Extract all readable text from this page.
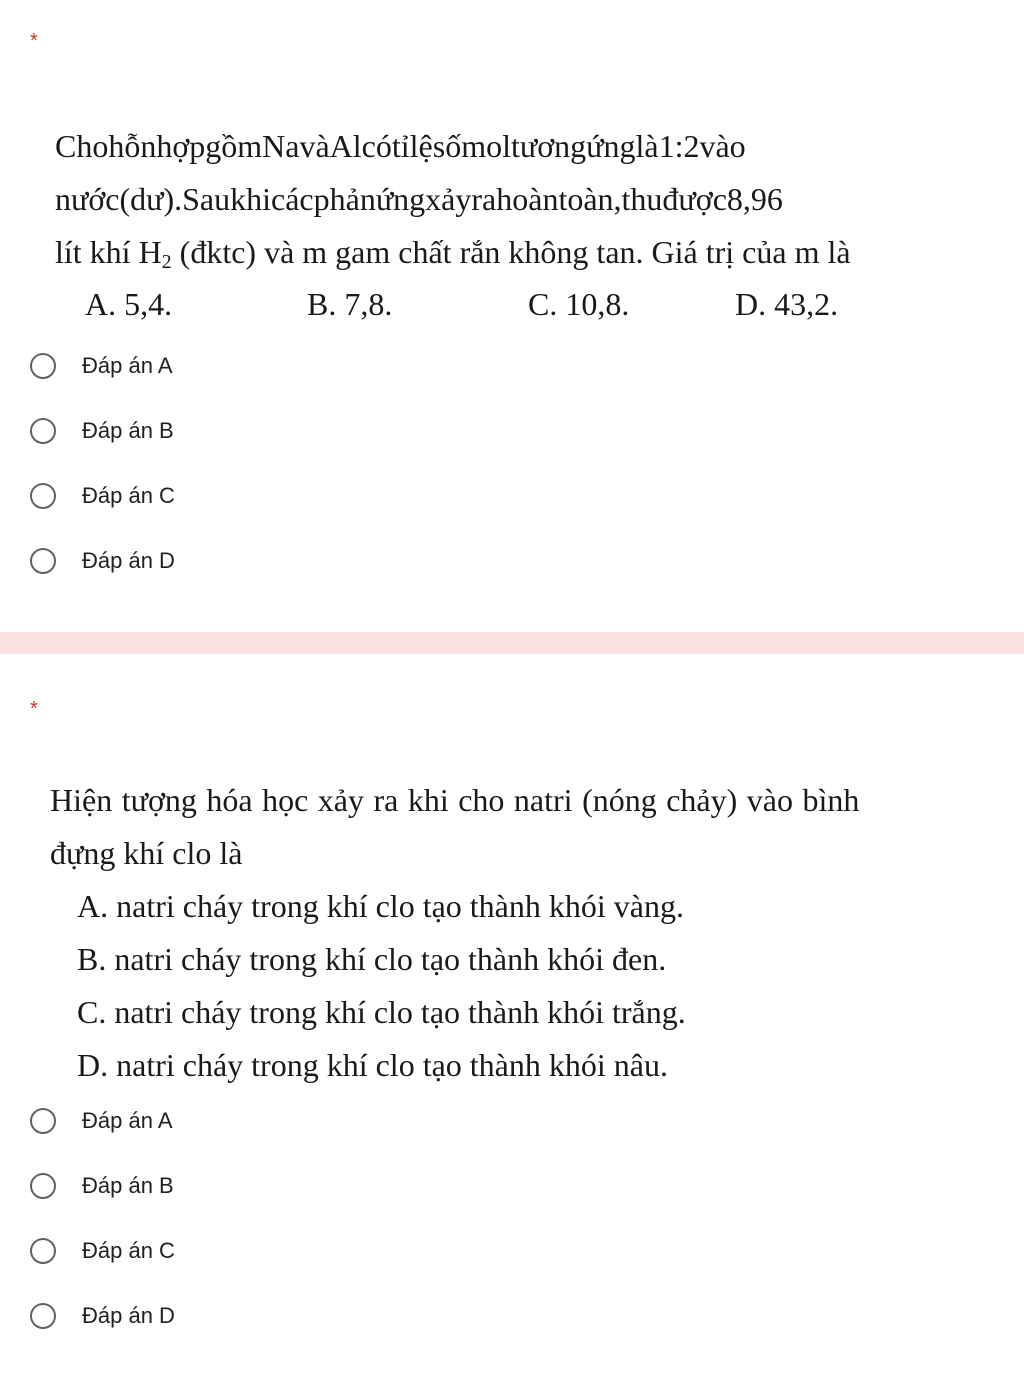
*
ChohỗnhợpgồmNavàAlcótỉlệsốmoltươngứnglà1:2vào
nước(dư).Saukhicácphảnứngxảyrahoàntoàn,thuđược8,96
lít khí $H_2$ (đktc) và m gam chất rắn không tan. Giá trị của m là
A. 5,4.	B. 7,8.	C. 10,8.	D. 43,2.
Đáp án A
Đáp án B
Đáp án C
Đáp án D
*
Hiện tượng hóa học xảy ra khi cho natri (nóng chảy) vào bình
đựng khí clo là
A. natri cháy trong khí clo tạo thành khói vàng.
B. natri cháy trong khí clo tạo thành khói đen.
C. natri cháy trong khí clo tạo thành khói trắng.
D. natri cháy trong khí clo tạo thành khói nâu.
Đáp án A
Đáp án B
Đáp án C
Đáp án D
